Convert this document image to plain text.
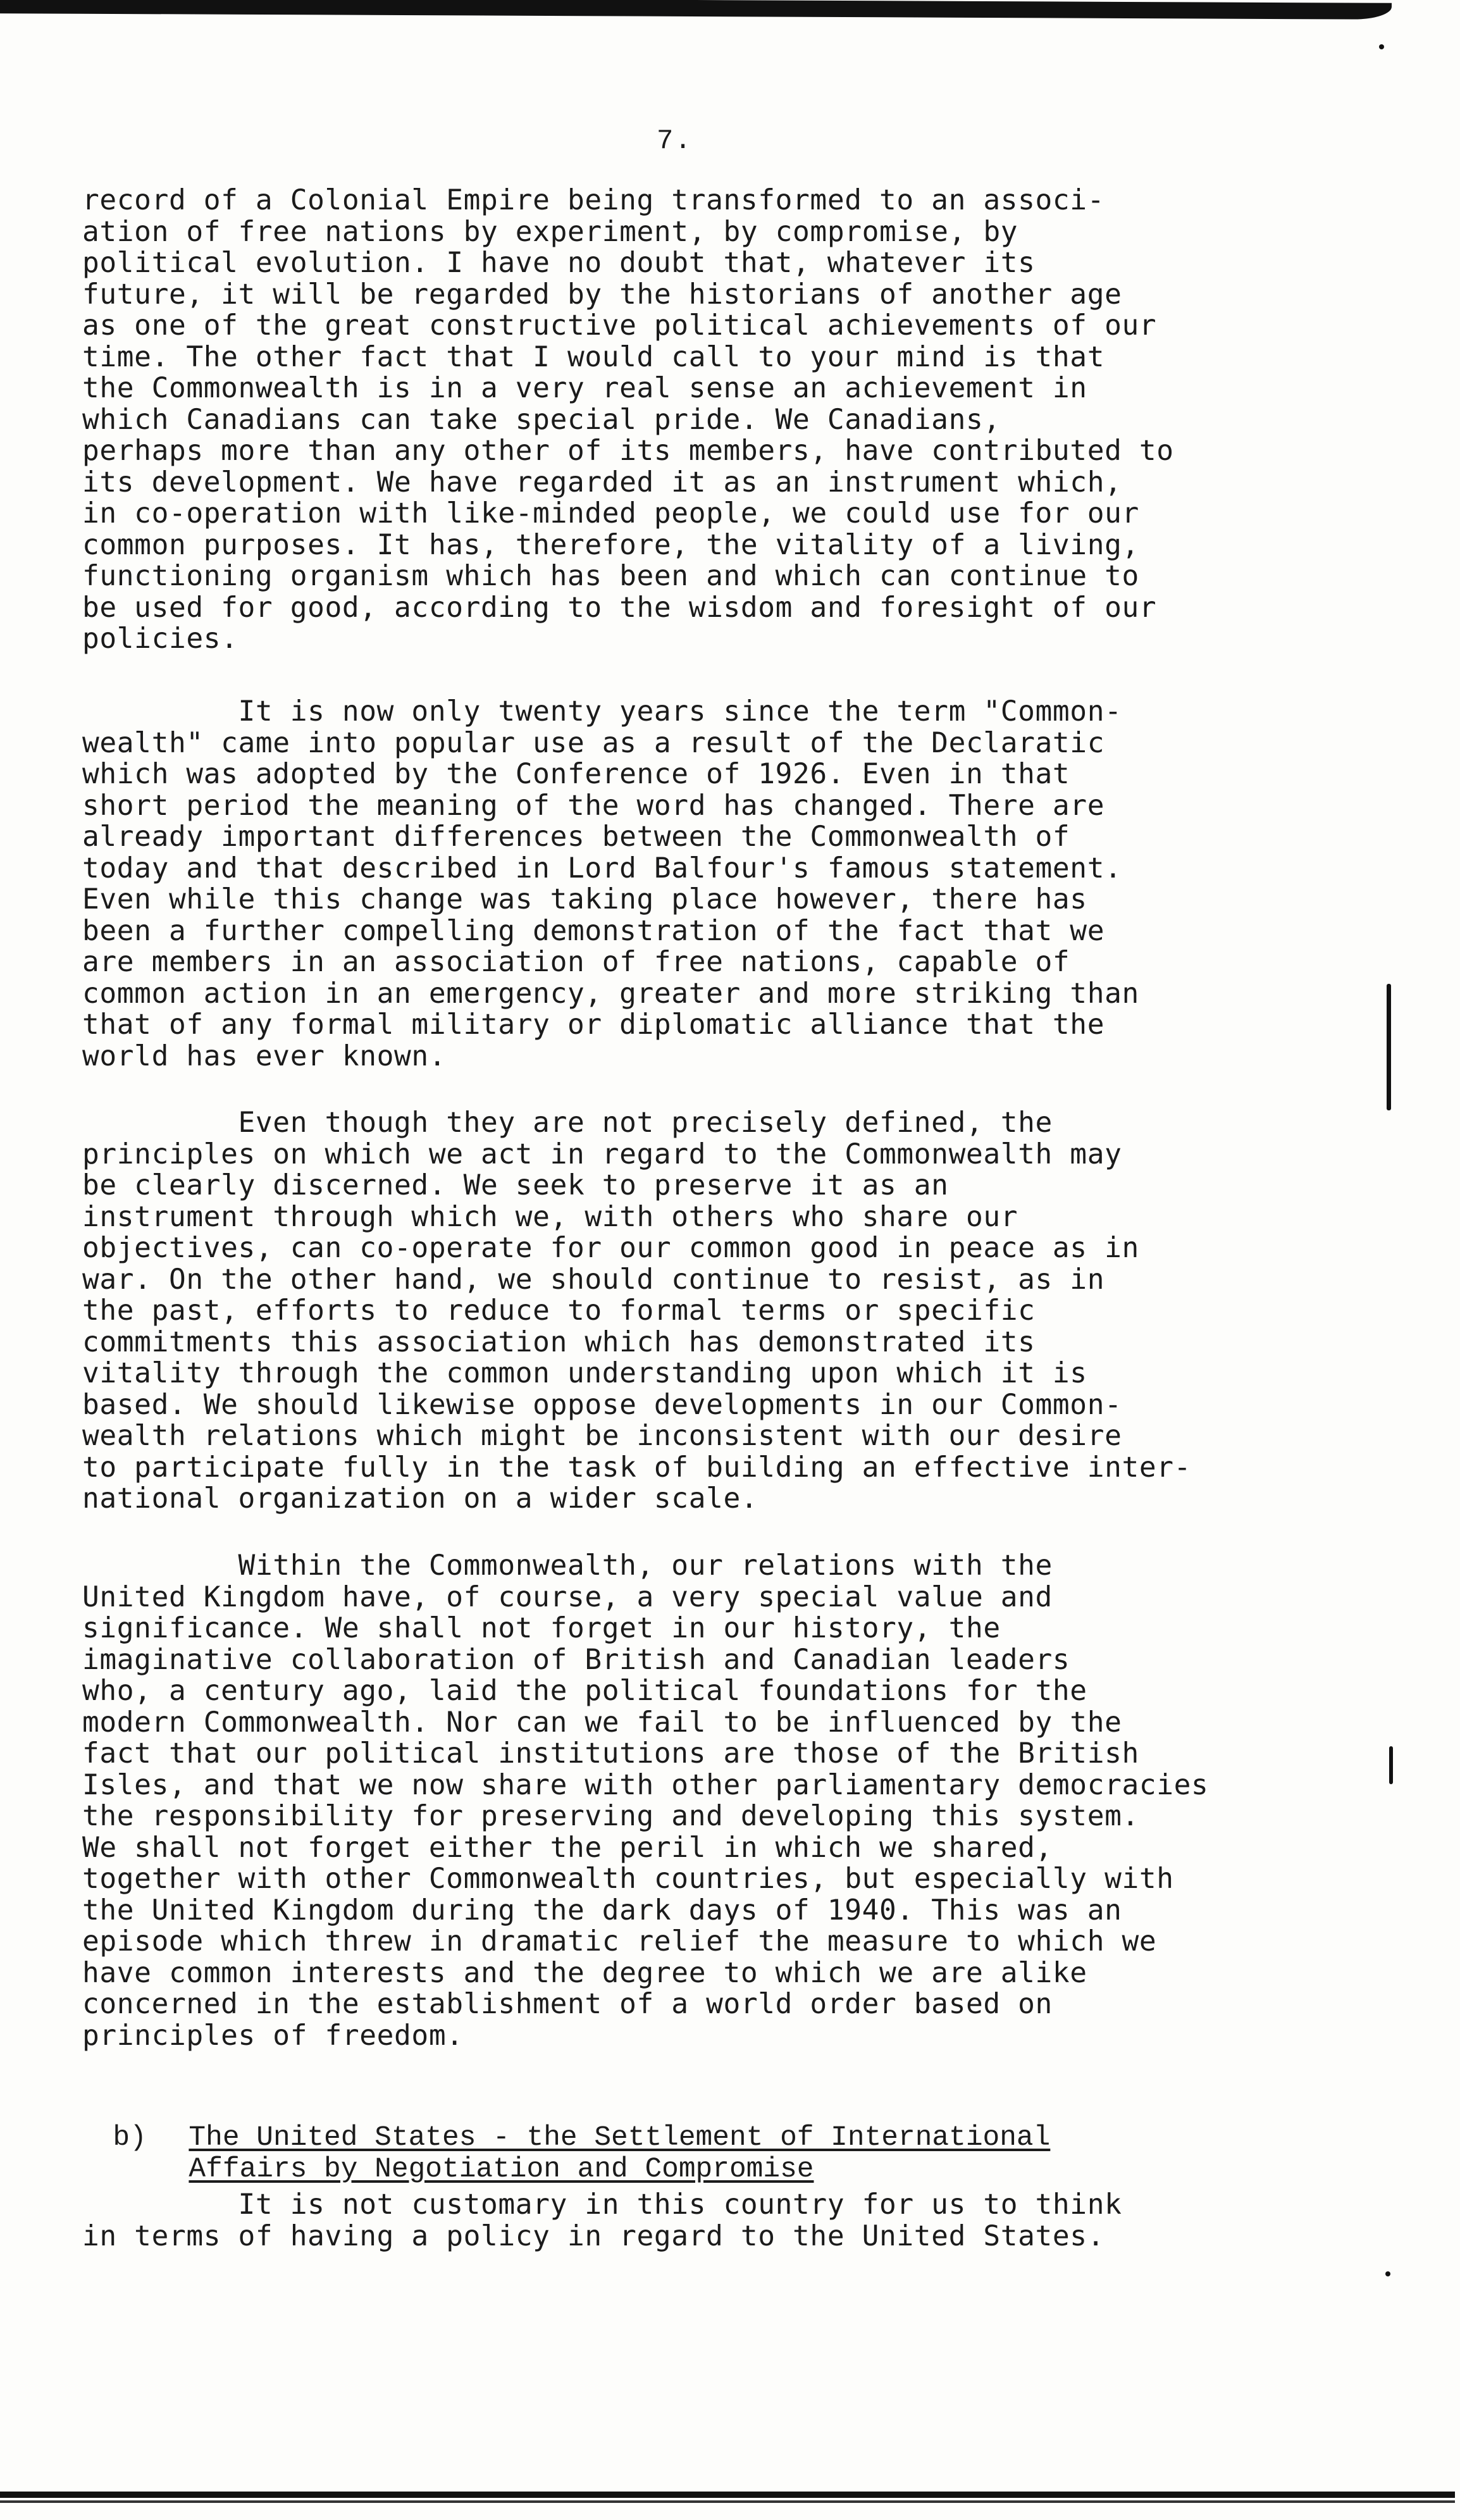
7.
record of a Colonial Empire being transformed to an associ-
ation of free nations by experiment, by compromise, by
political evolution. I have no doubt that, whatever its
future, it will be regarded by the historians of another age
as one of the great constructive political achievements of our
time. The other fact that I would call to your mind is that
the Commonwealth is in a very real sense an achievement in
which Canadians can take special pride. We Canadians,
perhaps more than any other of its members, have contributed to
its development. We have regarded it as an instrument which,
in co-operation with like-minded people, we could use for our
common purposes. It has, therefore, the vitality of a living,
functioning organism which has been and which can continue to
be used for good, according to the wisdom and foresight of our
policies.
It is now only twenty years since the term "Common-
wealth" came into popular use as a result of the Declaratic
which was adopted by the Conference of 1926. Even in that
short period the meaning of the word has changed. There are
already important differences between the Commonwealth of
today and that described in Lord Balfour's famous statement.
Even while this change was taking place however, there has
been a further compelling demonstration of the fact that we
are members in an association of free nations, capable of
common action in an emergency, greater and more striking than
that of any formal military or diplomatic alliance that the
world has ever known.
Even though they are not precisely defined, the
principles on which we act in regard to the Commonwealth may
be clearly discerned. We seek to preserve it as an
instrument through which we, with others who share our
objectives, can co-operate for our common good in peace as in
war. On the other hand, we should continue to resist, as in
the past, efforts to reduce to formal terms or specific
commitments this association which has demonstrated its
vitality through the common understanding upon which it is
based. We should likewise oppose developments in our Common-
wealth relations which might be inconsistent with our desire
to participate fully in the task of building an effective inter-
national organization on a wider scale.
Within the Commonwealth, our relations with the
United Kingdom have, of course, a very special value and
significance. We shall not forget in our history, the
imaginative collaboration of British and Canadian leaders
who, a century ago, laid the political foundations for the
modern Commonwealth. Nor can we fail to be influenced by the
fact that our political institutions are those of the British
Isles, and that we now share with other parliamentary democracies
the responsibility for preserving and developing this system.
We shall not forget either the peril in which we shared,
together with other Commonwealth countries, but especially with
the United Kingdom during the dark days of 1940. This was an
episode which threw in dramatic relief the measure to which we
have common interests and the degree to which we are alike
concerned in the establishment of a world order based on
principles of freedom.

b) The United States - the Settlement of International

Affairs by Negotiation and Compromise

It is not customary in this country for us to think
in terms of having a policy in regard to the United States.
